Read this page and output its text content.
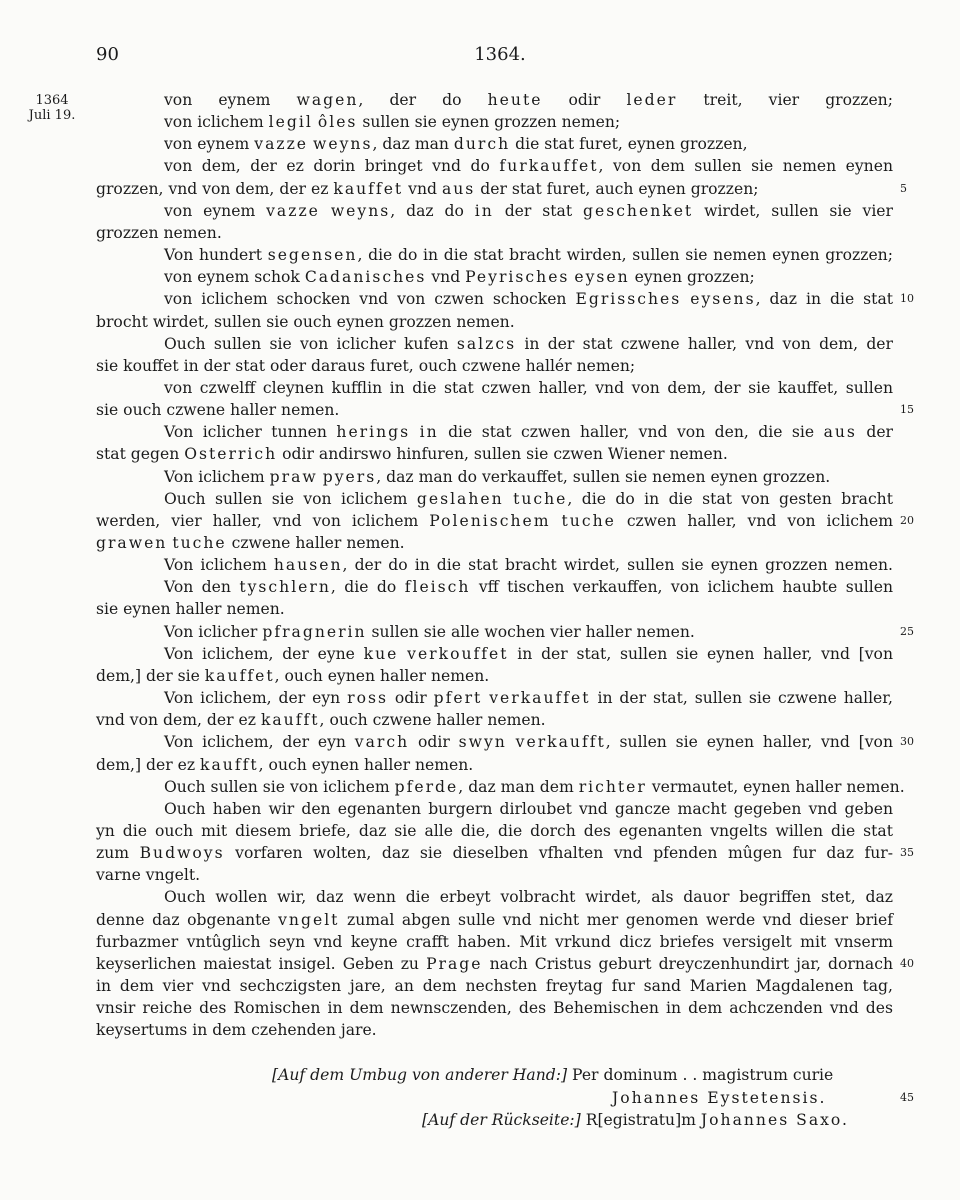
90	1364.
1364
Juli 19.
von eynem wagen, der do heute odir leder treit, vier grozzen;
von iclichem legil ôles sullen sie eynen grozzen nemen;
von eynem vazze weyns, daz man durch die stat furet, eynen grozzen,
von dem, der ez dorin bringet vnd do furkauffet, von dem sullen sie nemen eynen
grozzen, vnd von dem, der ez kauffet vnd aus der stat furet, auch eynen grozzen;	5
von eynem vazze weyns, daz do in der stat geschenket wirdet, sullen sie vier
grozzen nemen.
Von hundert segensen, die do in die stat bracht wirden, sullen sie nemen eynen grozzen;
von eynem schok Cadanisches vnd Peyrisches eysen eynen grozzen;
von iclichem schocken vnd von czwen schocken Egrissches eysens, daz in die stat 10
brocht wirdet, sullen sie ouch eynen grozzen nemen.
Ouch sullen sie von iclicher kufen salzcs in der stat czwene haller, vnd von dem, der
sie kouffet in der stat oder daraus furet, ouch czwene hallér nemen;
von czwelff cleynen kufflin in die stat czwen haller, vnd von dem, der sie kauffet, sullen
sie ouch czwene haller nemen.	15
Von iclicher tunnen herings in die stat czwen haller, vnd von den, die sie aus der
stat gegen Osterrich odir andirswo hinfuren, sullen sie czwen Wiener nemen.
Von iclichem praw pyers, daz man do verkauffet, sullen sie nemen eynen grozzen.
Ouch sullen sie von iclichem geslahen tuche, die do in die stat von gesten bracht
werden, vier haller, vnd von iclichem Polenischem tuche czwen haller, vnd von iclichem 20
grawen tuche czwene haller nemen.
Von iclichem hausen, der do in die stat bracht wirdet, sullen sie eynen grozzen nemen.
Von den tyschlern, die do fleisch vff tischen verkauffen, von iclichem haubte sullen
sie eynen haller nemen.
Von iclicher pfragnerin sullen sie alle wochen vier haller nemen.	25
Von iclichem, der eyne kue verkouffet in der stat, sullen sie eynen haller, vnd [von
dem,] der sie kauffet, ouch eynen haller nemen.
Von iclichem, der eyn ross odir pfert verkauffet in der stat, sullen sie czwene haller,
vnd von dem, der ez kaufft, ouch czwene haller nemen.
Von iclichem, der eyn varch odir swyn verkaufft, sullen sie eynen haller, vnd [von 30
dem,] der ez kaufft, ouch eynen haller nemen.
Ouch sullen sie von iclichem pferde, daz man dem richter vermautet, eynen haller nemen.
Ouch haben wir den egenanten burgern dirloubet vnd gancze macht gegeben vnd geben
yn die ouch mit diesem briefe, daz sie alle die, die dorch des egenanten vngelts willen die stat
zum Budwoys vorfaren wolten, daz sie dieselben vfhalten vnd pfenden mûgen fur daz fur- 35
varne vngelt.
Ouch wollen wir, daz wenn die erbeyt volbracht wirdet, als dauor begriffen stet, daz
denne daz obgenante vngelt zumal abgen sulle vnd nicht mer genomen werde vnd dieser brief
furbazmer vntûglich seyn vnd keyne crafft haben. Mit vrkund dicz briefes versigelt mit vnserm
keyserlichen maiestat insigel. Geben zu Prage nach Cristus geburt dreyczenhundirt jar, dornach 40
in dem vier vnd sechczigsten jare, an dem nechsten freytag fur sand Marien Magdalenen tag,
vnsir reiche des Romischen in dem newnsczenden, des Behemischen in dem achczenden vnd des
keysertums in dem czehenden jare.
[Auf dem Umbug von anderer Hand:] Per dominum . . magistrum curie
Johannes Eystetensis.	45
[Auf der Rückseite:] R[egistratu]m Johannes Saxo.
